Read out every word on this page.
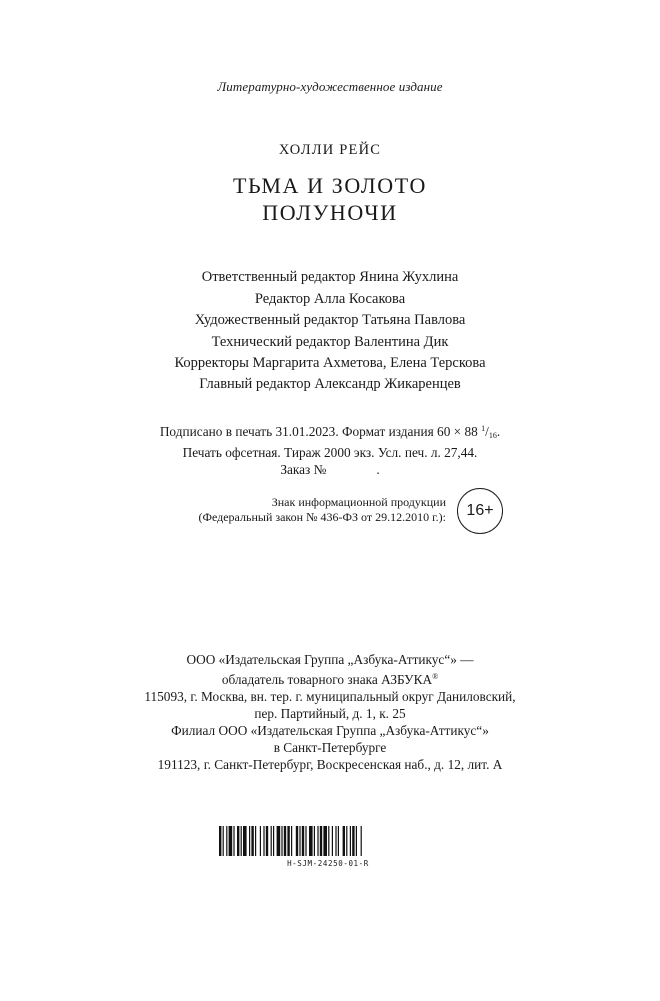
Литературно-художественное издание
ХОЛЛИ РЕЙС
ТЬМА И ЗОЛОТО
ПОЛУНОЧИ
Ответственный редактор Янина Жухлина
Редактор Алла Косакова
Художественный редактор Татьяна Павлова
Технический редактор Валентина Дик
Корректоры Маргарита Ахметова, Елена Терскова
Главный редактор Александр Жикаренцев
Подписано в печать 31.01.2023. Формат издания 60 × 88 $^1/_{16}$.
Печать офсетная. Тираж 2000 экз. Усл. печ. л. 27,44.
Заказ №	.
Знак информационной продукции
(Федеральный закон № 436-ФЗ от 29.12.2010 г.):	16+
ООО «Издательская Группа „Азбука-Аттикус“» —
обладатель товарного знака АЗБУКА®
115093, г. Москва, вн. тер. г. муниципальный округ Даниловский,
пер. Партийный, д. 1, к. 25
Филиал ООО «Издательская Группа „Азбука-Аттикус“»
в Санкт-Петербурге
191123, г. Санкт-Петербург, Воскресенская наб., д. 12, лит. А
Н-SJМ-24250-01-R
